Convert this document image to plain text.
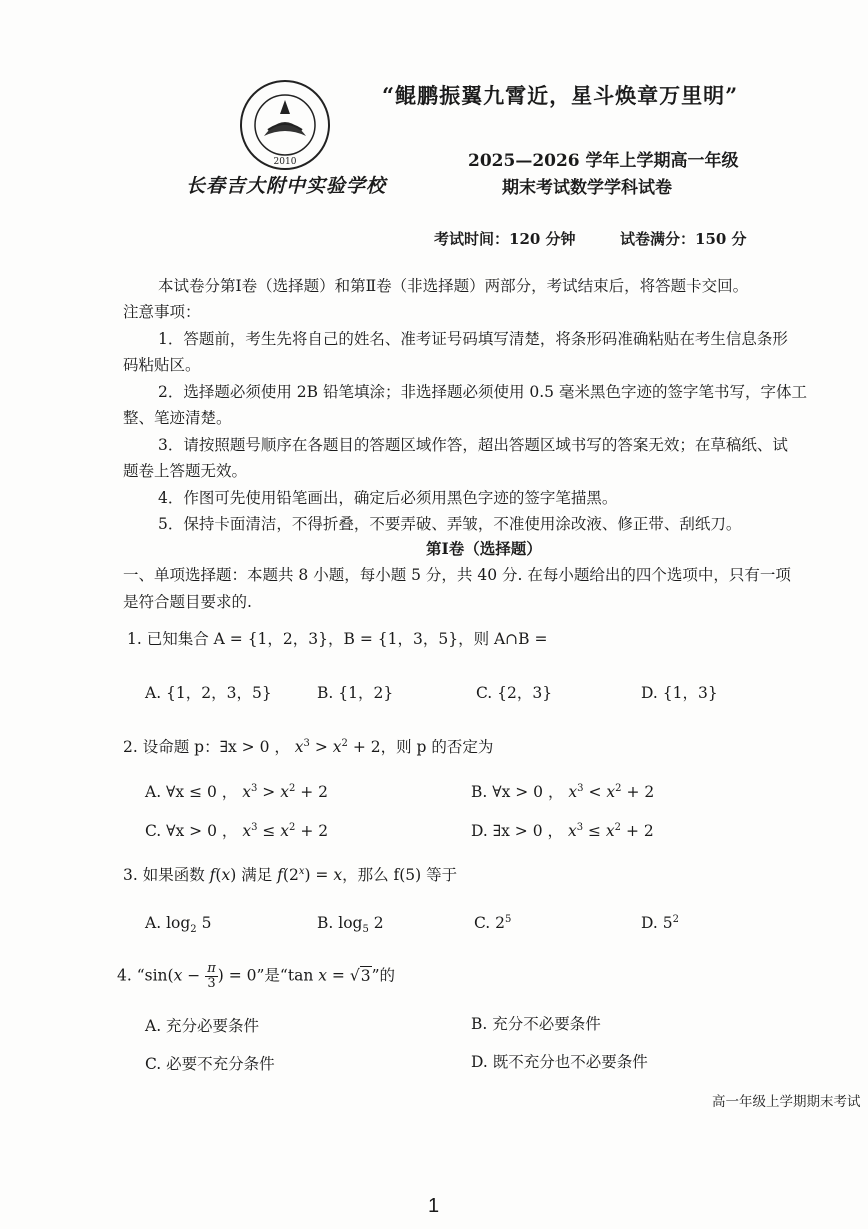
2010
“鲲鹏振翼九霄近，星斗焕章万里明”
长春吉大附中实验学校
2025—2026 学年上学期高一年级
期末考试数学学科试卷
考试时间：120 分钟	试卷满分：150 分
本试卷分第Ⅰ卷（选择题）和第Ⅱ卷（非选择题）两部分，考试结束后，将答题卡交回。
注意事项：
1．答题前，考生先将自己的姓名、准考证号码填写清楚，将条形码准确粘贴在考生信息条形
码粘贴区。
2．选择题必须使用 2B 铅笔填涂；非选择题必须使用 0.5 毫米黑色字迹的签字笔书写，字体工
整、笔迹清楚。
3．请按照题号顺序在各题目的答题区域作答，超出答题区域书写的答案无效；在草稿纸、试
题卷上答题无效。
4．作图可先使用铅笔画出，确定后必须用黑色字迹的签字笔描黑。
5．保持卡面清洁，不得折叠，不要弄破、弄皱，不准使用涂改液、修正带、刮纸刀。
第Ⅰ卷（选择题）
一、单项选择题：本题共 8 小题，每小题 5 分，共 40 分. 在每小题给出的四个选项中，只有一项
是符合题目要求的.
1. 已知集合 A = {1，2，3}，B = {1，3，5}，则 A∩B =
A. {1，2，3，5}	B. {1，2}	C. {2，3}	D. {1，3}
2. 设命题 p：∃x > 0 ， $x^3 > x^2 + 2$，则 p 的否定为
A. ∀x ≤ 0 ， $x^3 > x^2 + 2$	B. ∀x > 0 ， $x^3 < x^2 + 2$
C. ∀x > 0 ， $x^3 \le x^2 + 2$	D. ∃x > 0 ， $x^3 \le x^2 + 2$
3. 如果函数 f(x) 满足 $f(2^x) = x$，那么 f(5) 等于
A. $\log_2 5$	B. $\log_5 2$	C. $2^5$	D. $5^2$
4. “$\sin(x - \frac{\pi}{3}$ ) = 0”是“tan x = √3”的
A. 充分必要条件	B. 充分不必要条件
C. 必要不充分条件	D. 既不充分也不必要条件
高一年级上学期期末考试
1
